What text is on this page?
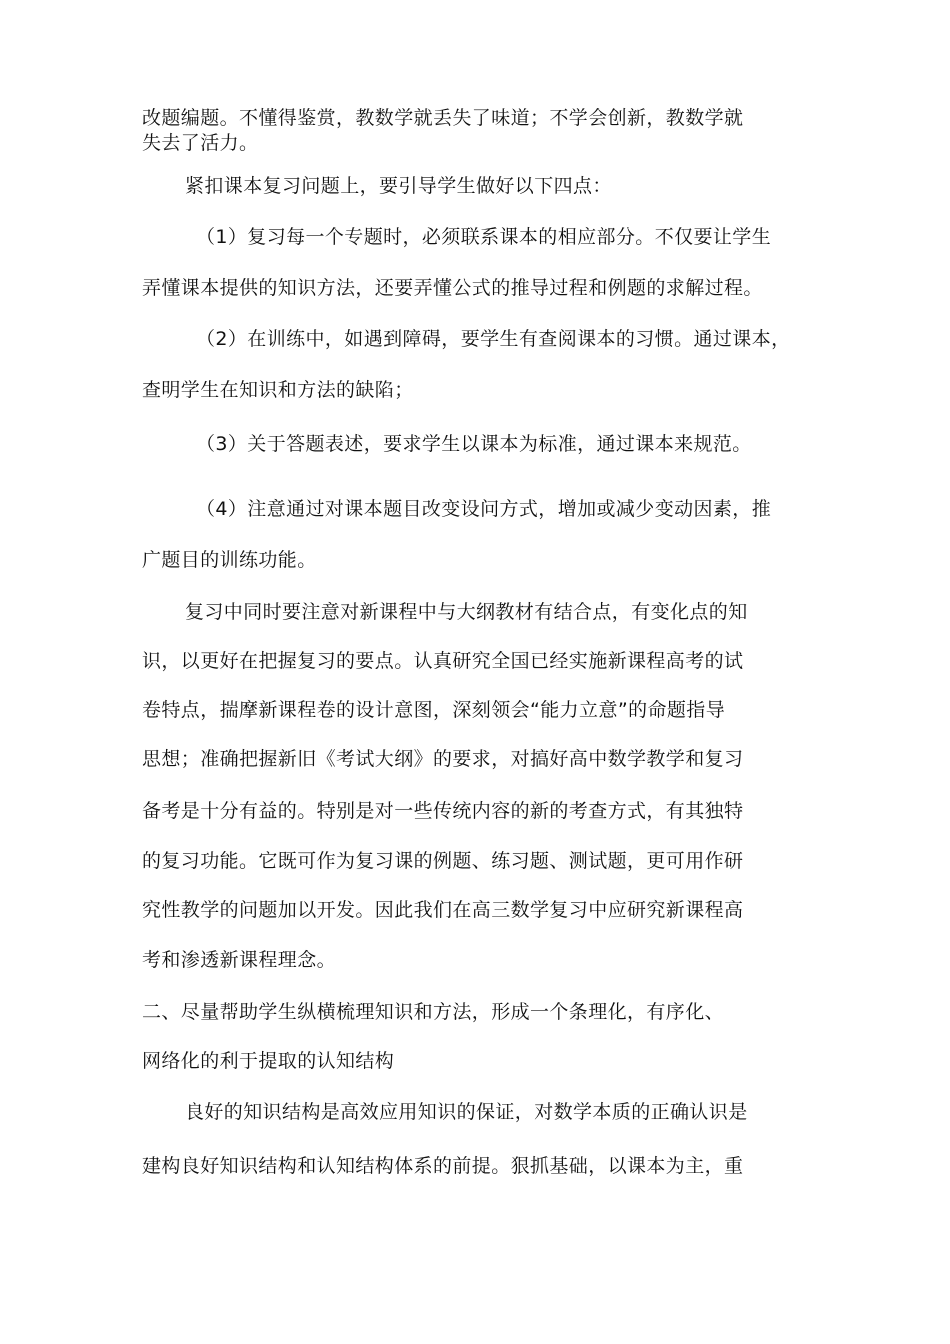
改题编题。不懂得鉴赏，教数学就丢失了味道；不学会创新，教数学就
失去了活力。
紧扣课本复习问题上，要引导学生做好以下四点：
（1）复习每一个专题时，必须联系课本的相应部分。不仅要让学生
弄懂课本提供的知识方法，还要弄懂公式的推导过程和例题的求解过程。
（2）在训练中，如遇到障碍，要学生有查阅课本的习惯。通过课本，
查明学生在知识和方法的缺陷；
（3）关于答题表述，要求学生以课本为标准，通过课本来规范。
（4）注意通过对课本题目改变设问方式，增加或减少变动因素，推
广题目的训练功能。
复习中同时要注意对新课程中与大纲教材有结合点，有变化点的知
识，以更好在把握复习的要点。认真研究全国已经实施新课程高考的试
卷特点，揣摩新课程卷的设计意图，深刻领会“能力立意”的命题指导
思想；准确把握新旧《考试大纲》的要求，对搞好高中数学教学和复习
备考是十分有益的。特别是对一些传统内容的新的考查方式，有其独特
的复习功能。它既可作为复习课的例题、练习题、测试题，更可用作研
究性教学的问题加以开发。因此我们在高三数学复习中应研究新课程高
考和渗透新课程理念。
二、尽量帮助学生纵横梳理知识和方法，形成一个条理化，有序化、
网络化的利于提取的认知结构
良好的知识结构是高效应用知识的保证，对数学本质的正确认识是
建构良好知识结构和认知结构体系的前提。狠抓基础，以课本为主，重
